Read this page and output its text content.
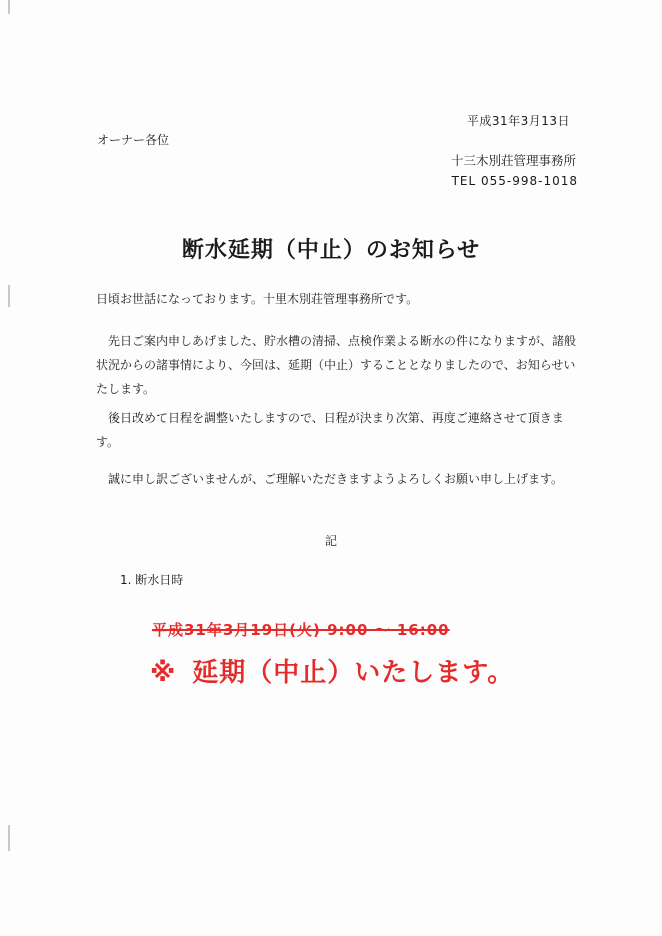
平成31年3月13日
オーナー各位
十三木別荘管理事務所
TEL 055-998-1018
断水延期（中止）のお知らせ

日頃お世話になっております。十里木別荘管理事務所です。

先日ご案内申しあげました、貯水槽の清掃、点検作業よる断水の件になりますが、諸般状況からの諸事情により、今回は、延期（中止）することとなりましたので、お知らせいたします。

後日改めて日程を調整いたしますので、日程が決まり次第、再度ご連絡させて頂きます。

誠に申し訳ございませんが、ご理解いただきますようよろしくお願い申し上げます。

記
1. 断水日時
平成31年3月19日(火) 9:00 ～ 16:00
※ 延期（中止）いたします。
